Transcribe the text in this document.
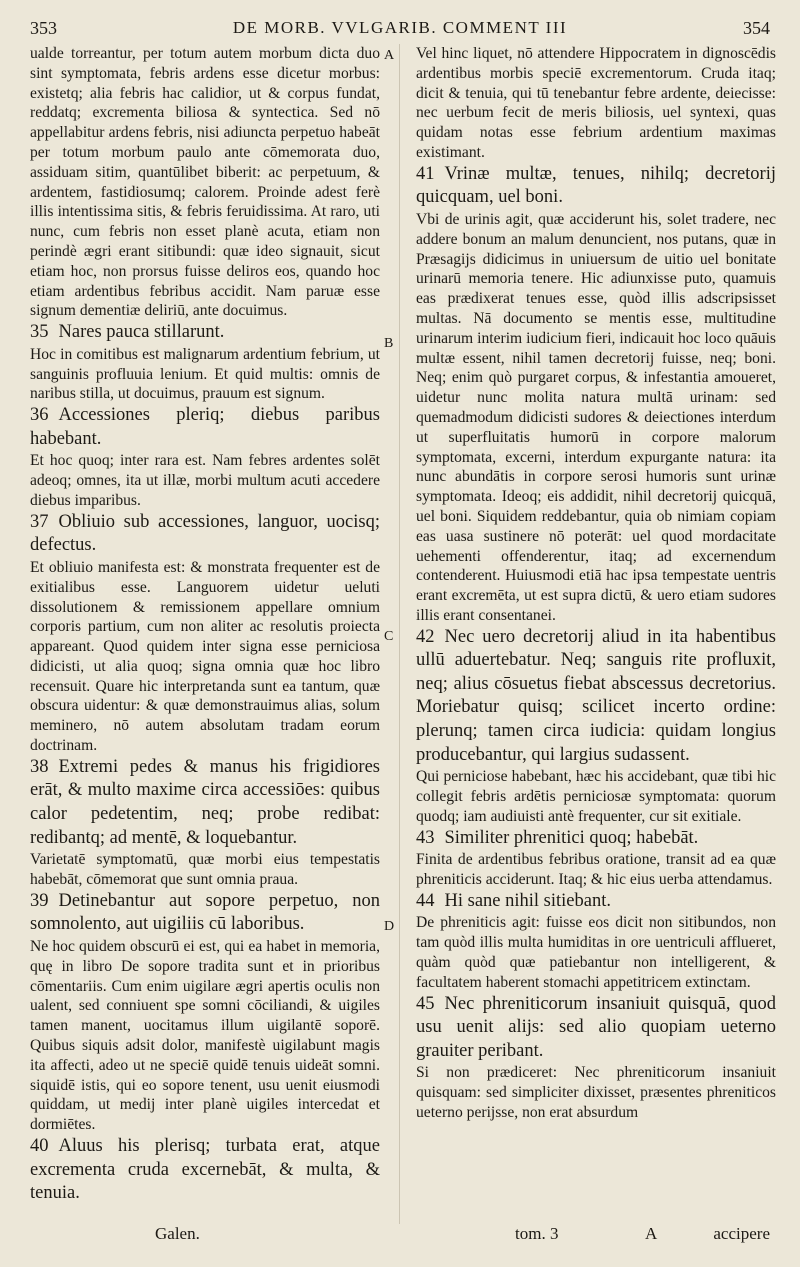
353	DE MORB. VVLGARIB. COMMENT III	354

ualde torreantur, per totum autem morbum dicta duo sint symptomata, febris ardens esse dicetur morbus: existetq; alia febris hac calidior, ut & corpus fundat, reddatq; excrementa biliosa & syntectica. Sed nō appellabitur ardens febris, nisi adiuncta perpetuo habeāt per totum morbum paulo ante cōmemorata duo, assiduam sitim, quantūlibet biberit: ac perpetuum, & ardentem, fastidiosumq; calorem. Proinde adest ferè illis intentissima sitis, & febris feruidissima. At raro, uti nunc, cum febris non esset planè acuta, etiam non perindè ægri erant sitibundi: quæ ideo signauit, sicut etiam hoc, non prorsus fuisse deliros eos, quando hoc etiam ardentibus febribus accidit. Nam paruæ esse signum dementiæ deliriū, ante docuimus.

35 Nares pauca stillarunt.

Hoc in comitibus est malignarum ardentium febrium, ut sanguinis profluuia lenium. Et quid multis: omnis de naribus stilla, ut docuimus, prauum est signum.

36 Accessiones pleriq; diebus paribus habebant.

Et hoc quoq; inter rara est. Nam febres ardentes solēt adeoq; omnes, ita ut illæ, morbi multum acuti accedere diebus imparibus.

37 Obliuio sub accessiones, languor, uocisq; defectus.

Et obliuio manifesta est: & monstrata frequenter est de exitialibus esse. Languorem uidetur ueluti dissolutionem & remissionem appellare omnium corporis partium, cum non aliter ac resolutis proiecta appareant. Quod quidem inter signa esse perniciosa didicisti, ut alia quoq; signa omnia quæ hoc libro recensuit. Quare hic interpretanda sunt ea tantum, quæ obscura uidentur: & quæ demonstrauimus alias, solum meminero, nō autem absolutam tradam eorum doctrinam.

38 Extremi pedes & manus his frigidiores erāt, & multo maxime circa accessiōes: quibus calor pedetentim, neq; probe redibat: redibantq; ad mentē, & loquebantur.

Varietatē symptomatū, quæ morbi eius tempestatis habebāt, cōmemorat que sunt omnia praua.

39 Detinebantur aut sopore perpetuo, non somnolento, aut uigiliis cū laboribus.

Ne hoc quidem obscurū ei est, qui ea habet in memoria, quę in libro De sopore tradita sunt et in prioribus cōmentariis. Cum enim uigilare ægri apertis oculis non ualent, sed conniuent spe somni cōciliandi, & uigiles tamen manent, uocitamus illum uigilantē soporē. Quibus siquis adsit dolor, manifestè uigilabunt magis ita affecti, adeo ut ne speciē quidē tenuis uideāt somni. siquidē istis, qui eo sopore tenent, usu uenit eiusmodi quiddam, ut medij inter planè uigiles intercedat et dormiētes.

40 Aluus his plerisq; turbata erat, atque excrementa cruda excernebāt, & multa, & tenuia.

Vel hinc liquet, nō attendere Hippocratem in dignoscēdis ardentibus morbis speciē excrementorum. Cruda itaq; dicit & tenuia, qui tū tenebantur febre ardente, deiecisse: nec uerbum fecit de meris biliosis, uel syntexi, quas quidam notas esse febrium ardentium maximas existimant.

41 Vrinæ multæ, tenues, nihilq; decretorij quicquam, uel boni.

Vbi de urinis agit, quæ acciderunt his, solet tradere, nec addere bonum an malum denuncient, nos putans, quæ in Præsagijs didicimus in uniuersum de uitio uel bonitate urinarū memoria tenere. Hic adiunxisse puto, quamuis eas prædixerat tenues esse, quòd illis adscripsisset multas. Nā documento se mentis esse, multitudine urinarum interim iudicium fieri, indicauit hoc loco quāuis multæ essent, nihil tamen decretorij fuisse, neq; boni. Neq; enim quò purgaret corpus, & infestantia amoueret, uidetur nunc molita natura multā urinam: sed quemadmodum didicisti sudores & deiectiones interdum ut superfluitatis humorū in corpore malorum symptomata, excerni, interdum expurgante natura: ita nunc abundātis in corpore serosi humoris sunt urinæ symptomata. Ideoq; eis addidit, nihil decretorij quicquā, uel boni. Siquidem reddebantur, quia ob nimiam copiam eas uasa sustinere nō poterāt: uel quod mordacitate uehementi offenderentur, itaq; ad excernendum contenderent. Huiusmodi etiā hac ipsa tempestate uentris erant excremēta, ut est supra dictū, & uero etiam sudores illis erant consentanei.

42 Nec uero decretorij aliud in ita habentibus ullū aduertebatur. Neq; sanguis rite profluxit, neq; alius cōsuetus fiebat abscessus decretorius. Moriebatur quisq; scilicet incerto ordine: plerunq; tamen circa iudicia: quidam longius producebantur, qui largius sudassent.

Qui perniciose habebant, hæc his accidebant, quæ tibi hic collegit febris ardētis perniciosæ symptomata: quorum quodq; iam audiuisti antè frequenter, cur sit exitiale.

43 Similiter phrenitici quoq; habebāt.

Finita de ardentibus febribus oratione, transit ad ea quæ phreniticis acciderunt. Itaq; & hic eius uerba attendamus.

44 Hi sane nihil sitiebant.

De phreniticis agit: fuisse eos dicit non sitibundos, non tam quòd illis multa humiditas in ore uentriculi afflueret, quàm quòd quæ patiebantur non intelligerent, & facultatem haberent stomachi appetitricem extinctam.

45 Nec phreniticorum insaniuit quisquā, quod usu uenit alijs: sed alio quopiam ueterno grauiter peribant.

Si non prædiceret: Nec phreniticorum insaniuit quisquam: sed simpliciter dixisset, præsentes phreniticos ueterno perijsse, non erat absurdum

A
B
C
D
Galen.	tom. 3	A	accipere
